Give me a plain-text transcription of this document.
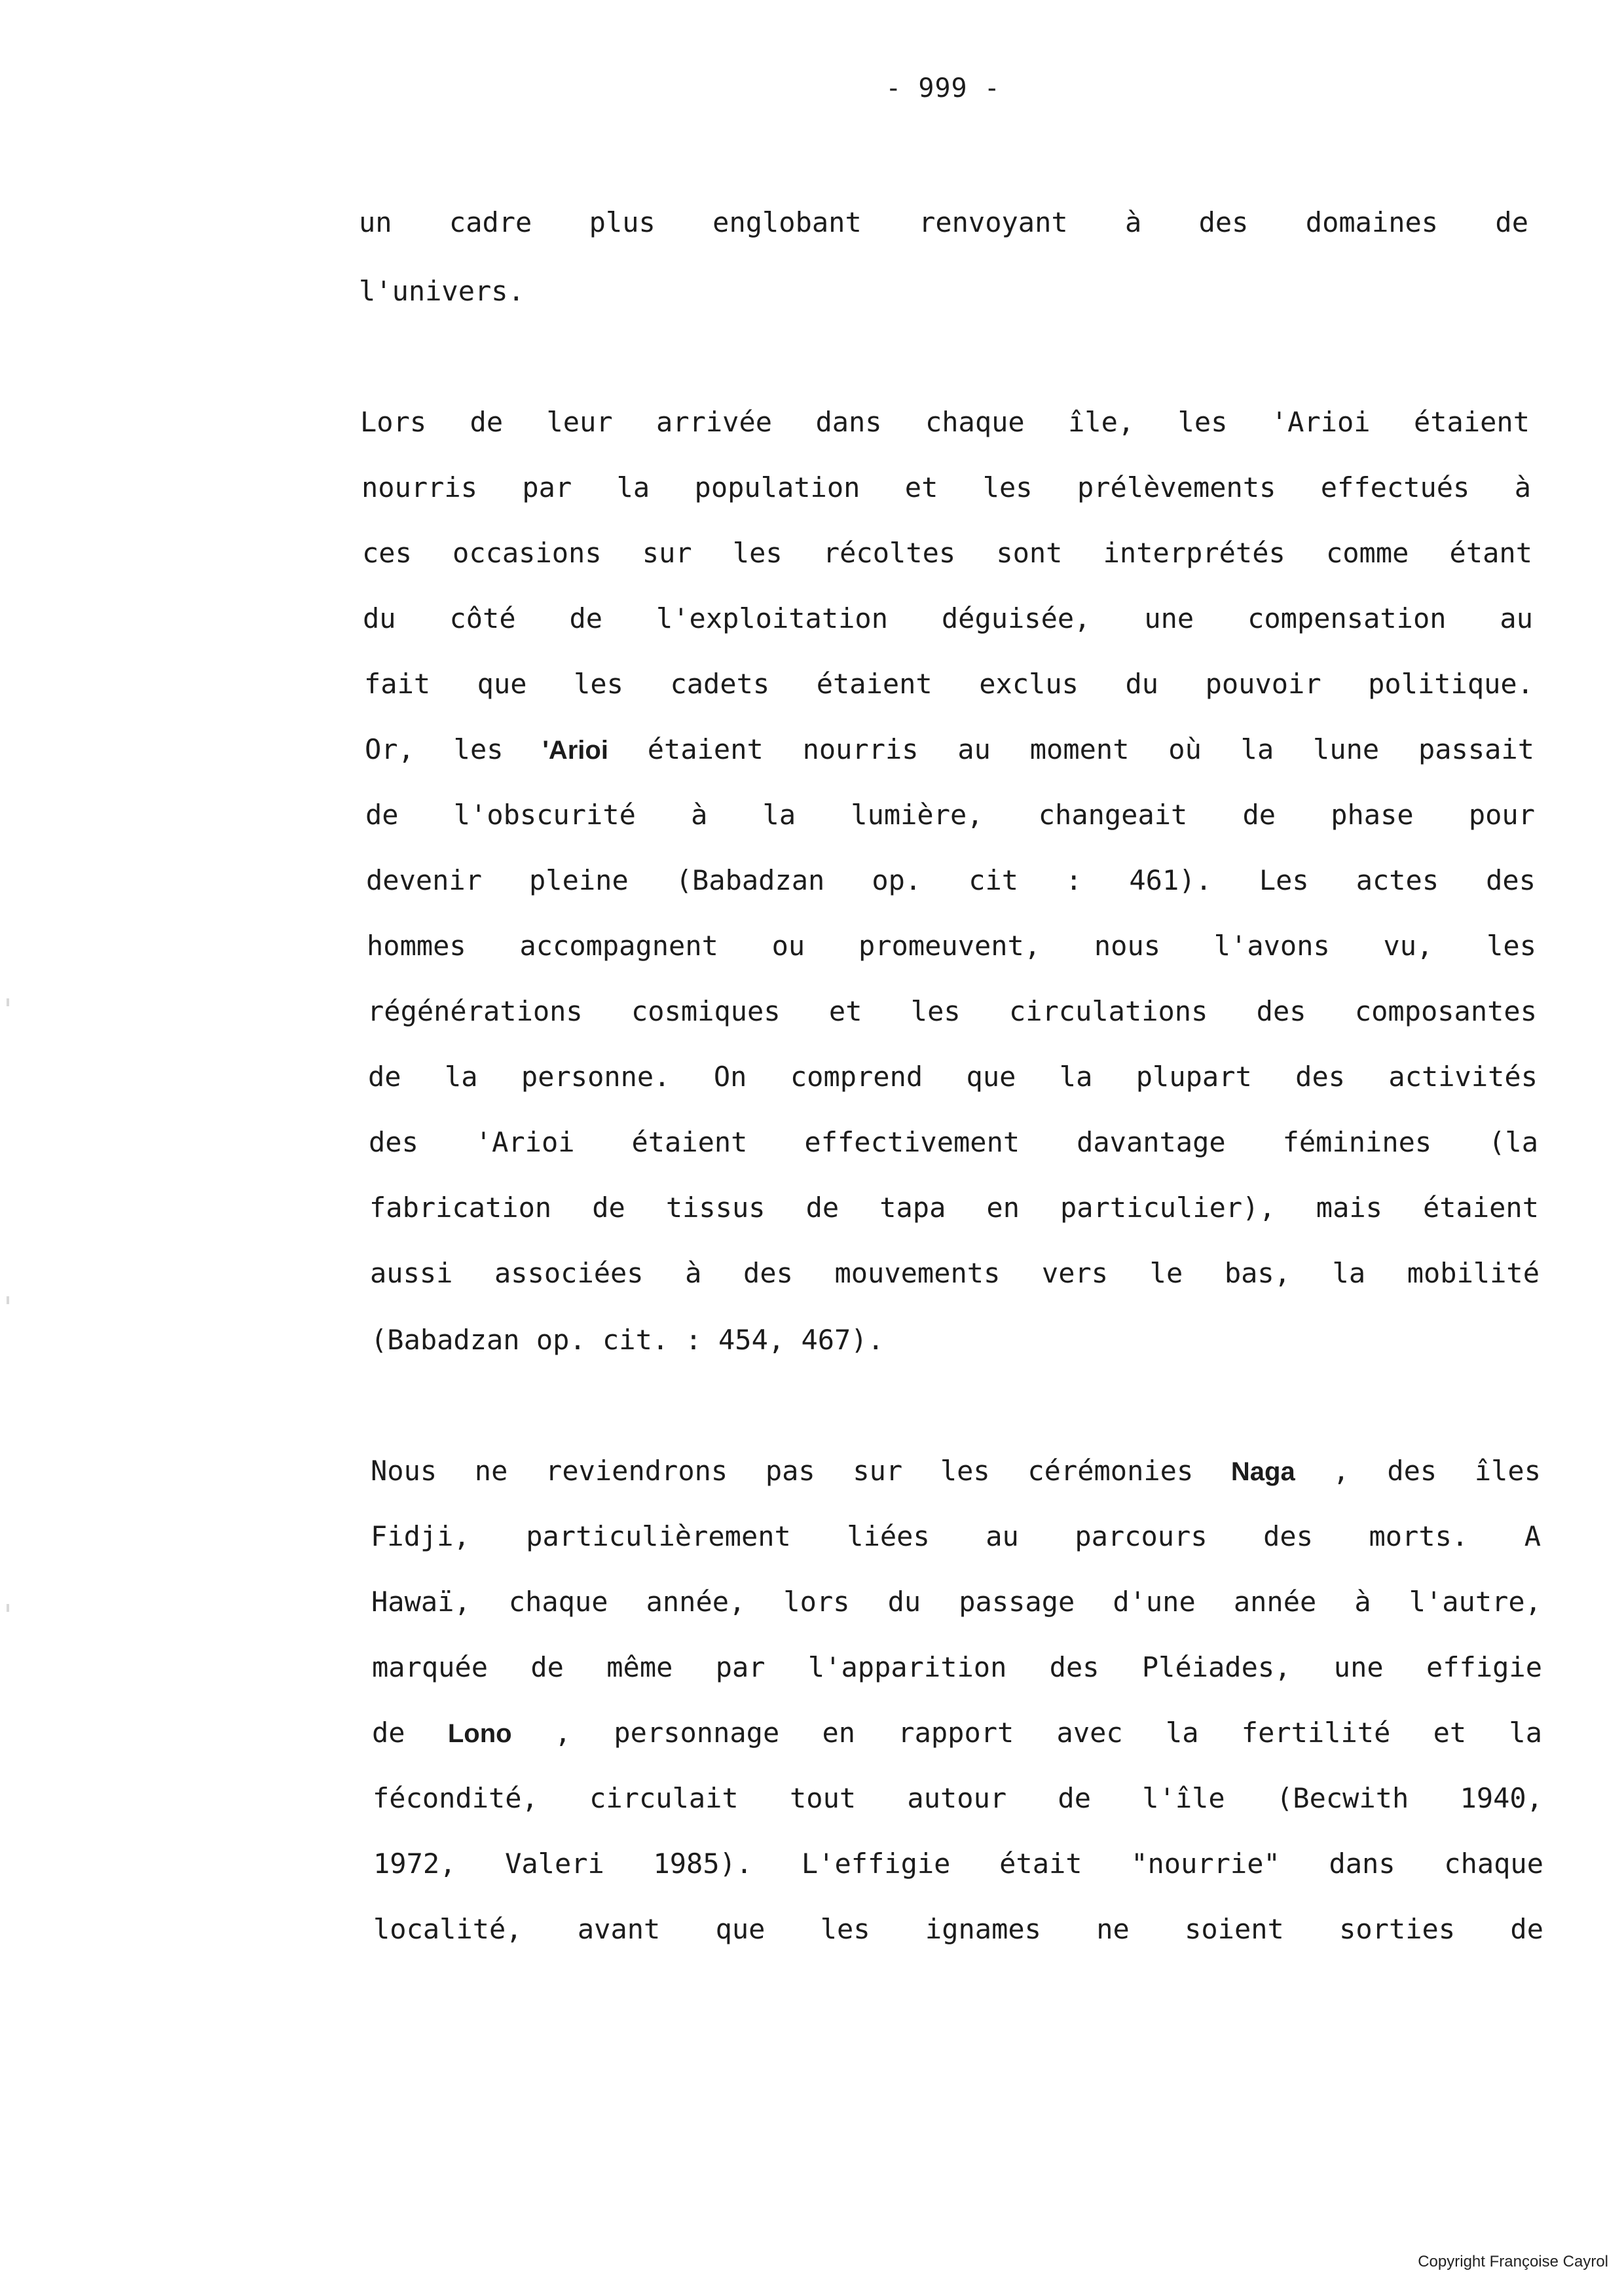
- 999 -
un cadre plus englobant renvoyant à des domaines de
l'univers.
Lors de leur arrivée dans chaque île, les 'Arioi étaient
nourris par la population et les prélèvements effectués à
ces occasions sur les récoltes sont interprétés comme étant
du côté de l'exploitation déguisée, une compensation au
fait que les cadets étaient exclus du pouvoir politique.
Or, les 'Arioi étaient nourris au moment où la lune passait
de l'obscurité à la lumière, changeait de phase pour
devenir pleine (Babadzan op. cit : 461). Les actes des
hommes accompagnent ou promeuvent, nous l'avons vu, les
régénérations cosmiques et les circulations des composantes
de la personne. On comprend que la plupart des activités
des 'Arioi étaient effectivement davantage féminines (la
fabrication de tissus de tapa en particulier), mais étaient
aussi associées à des mouvements vers le bas, la mobilité
(Babadzan op. cit. : 454, 467).
Nous ne reviendrons pas sur les cérémonies Naga , des îles
Fidji, particulièrement liées au parcours des morts. A
Hawaï, chaque année, lors du passage d'une année à l'autre,
marquée de même par l'apparition des Pléiades, une effigie
de Lono , personnage en rapport avec la fertilité et la
fécondité, circulait tout autour de l'île (Becwith 1940,
1972, Valeri 1985). L'effigie était "nourrie" dans chaque
localité, avant que les ignames ne soient sorties de
Copyright Françoise Cayrol
